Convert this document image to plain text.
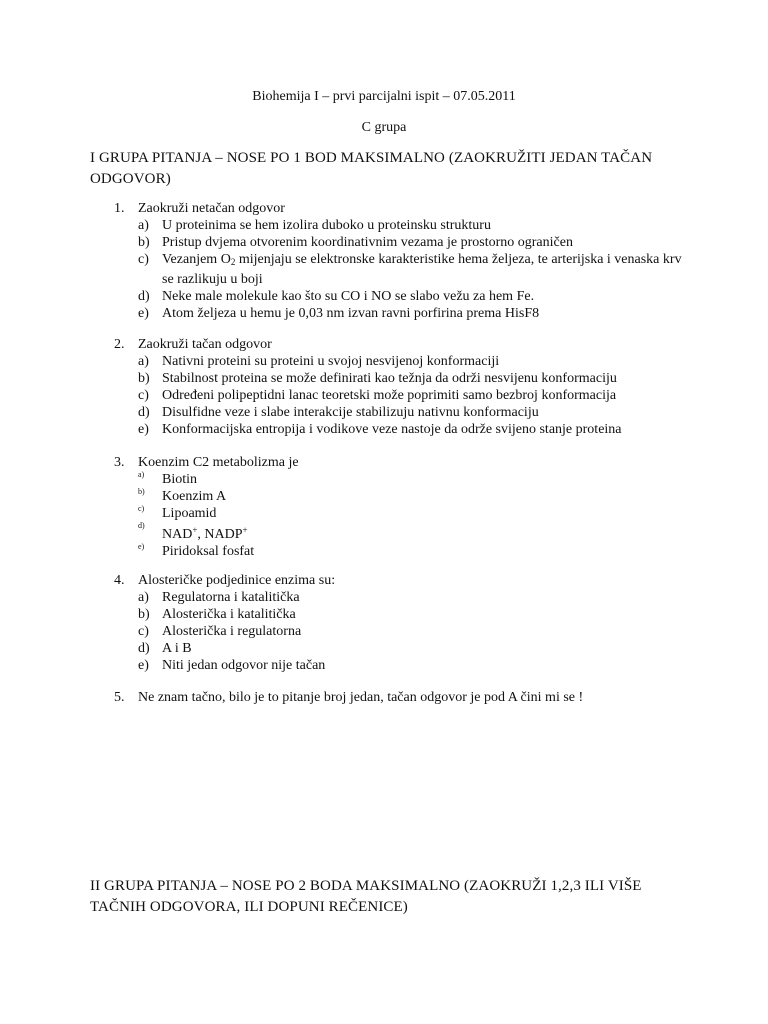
Biohemija I – prvi parcijalni ispit – 07.05.2011
C grupa
I GRUPA PITANJA – NOSE PO 1 BOD MAKSIMALNO (ZAOKRUŽITI JEDAN TAČAN
ODGOVOR)
1. Zaokruži netačan odgovor
a) U proteinima se hem izolira duboko u proteinsku strukturu
b) Pristup dvjema otvorenim koordinativnim vezama je prostorno ograničen
c) Vezanjem $O_2$ mijenjaju se elektronske karakteristike hema željeza, te arterijska i venaska krv se razlikuju u boji
d) Neke male molekule kao što su CO i NO se slabo vežu za hem Fe.
e) Atom željeza u hemu je 0,03 nm izvan ravni porfirina prema HisF8
2. Zaokruži tačan odgovor
a) Nativni proteini su proteini u svojoj nesvijenoj konformaciji
b) Stabilnost proteina se može definirati kao težnja da održi nesvijenu konformaciju
c) Određeni polipeptidni lanac teoretski može poprimiti samo bezbroj konformacija
d) Disulfidne veze i slabe interakcije stabilizuju nativnu konformaciju
e) Konformacijska entropija i vodikove veze nastoje da održe svijeno stanje proteina
3. Koenzim C2 metabolizma je
a)	Biotin
b)	Koenzim A
c)	Lipoamid
d)
NAD+, NADP+
e)	Piridoksal fosfat
4. Alosteričke podjedinice enzima su:
a) Regulatorna i katalitička
b) Alosterička i katalitička
c) Alosterička i regulatorna
d) A i B
e) Niti jedan odgovor nije tačan
5. Ne znam tačno, bilo je to pitanje broj jedan, tačan odgovor je pod A čini mi se !
II GRUPA PITANJA – NOSE PO 2 BODA MAKSIMALNO (ZAOKRUŽI 1,2,3 ILI VIŠE
TAČNIH ODGOVORA, ILI DOPUNI REČENICE)
